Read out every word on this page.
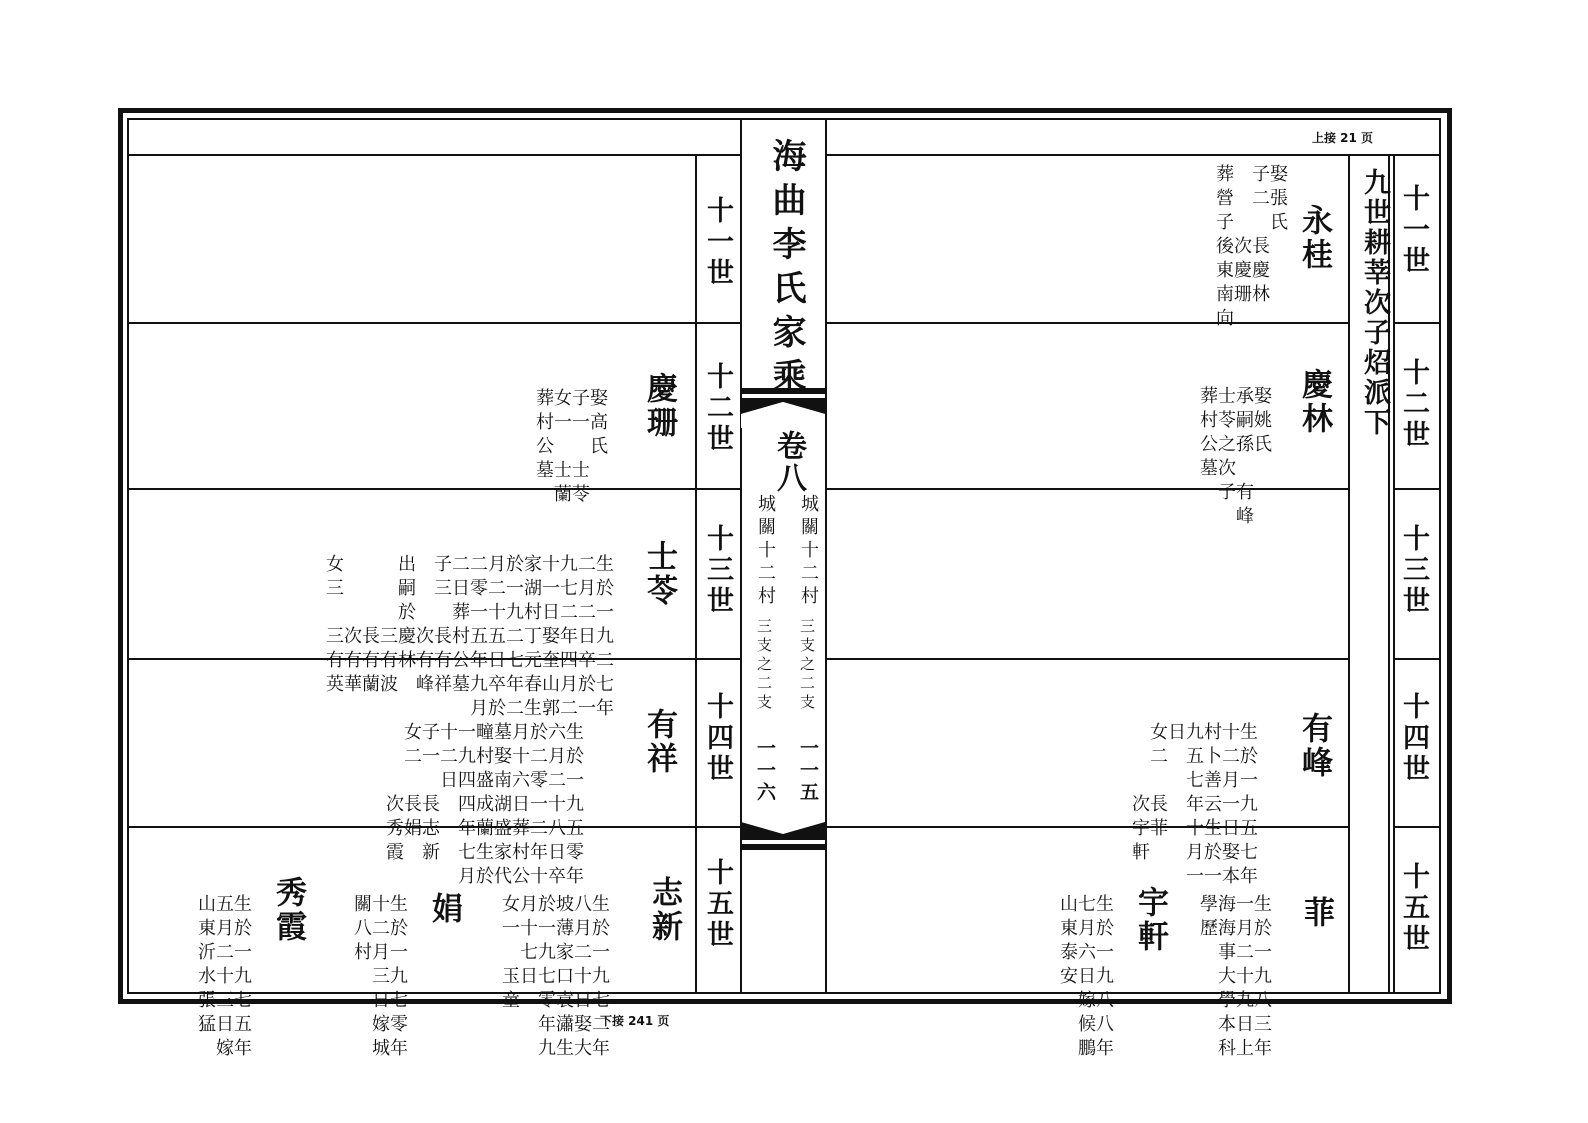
海曲李氏家乘
卷八
城關十二村
三支之二支
一一五
城關十二村
三支之二支
一一六
上接 21 页
下接 241 页
九世耕莘次子炤派下 十一世
十二世
十三世
十四世
十五世
十一世
十二世
十三世
十四世
十五世
永桂
娶張氏
子二　長慶林
　　　次慶珊
葬營子後東南向
慶林

娶姚氏
承嗣孫　有峰
士苓之次子
葬村公墓

有峰

生於一九五七年
十二月一日娶本
村卜善云生於一
九五七年十月一
日
女二　長菲
　　　次宇軒

菲

生於一九八三年
一月二十九日上
海海事大學本科
學歷

宇軒

生於一九八八年
七月六日嫁候鵬
山東泰安

慶珊

娶高氏
子一　士苓
女一　士蘭
葬村公墓

士苓

生於一九二七年
二月二日卒於一
九七二年四月二
十一日娶奎山郭
家湖村丁元春生
於一九二七年二
月二十五日卒於
二零一五年九月
二日葬村公墓
子三　長有祥
　　　次有峰
出嗣於慶林
　　　三有波
　　　長有蘭
　　　次有華
女三　三有英

有祥

生於一九五零年
六月二十八日卒
於二零一二年十
月十六日葬村公
墓娶南湖盛家代
疃村盛成蘭生於
一九四四年七月
十二日
子一　長志新
女二　長娟
　　　次秀霞

志新

生於一九七二年
八月二十日娶大
坡薄家口袁瀟生
於一九七零年九
月十七日
女一　玉童

娟

生於一九七零年
十二月三日嫁城
關八村

秀霞

生於一九七五年
五月二十三日嫁
山東沂水張猛
